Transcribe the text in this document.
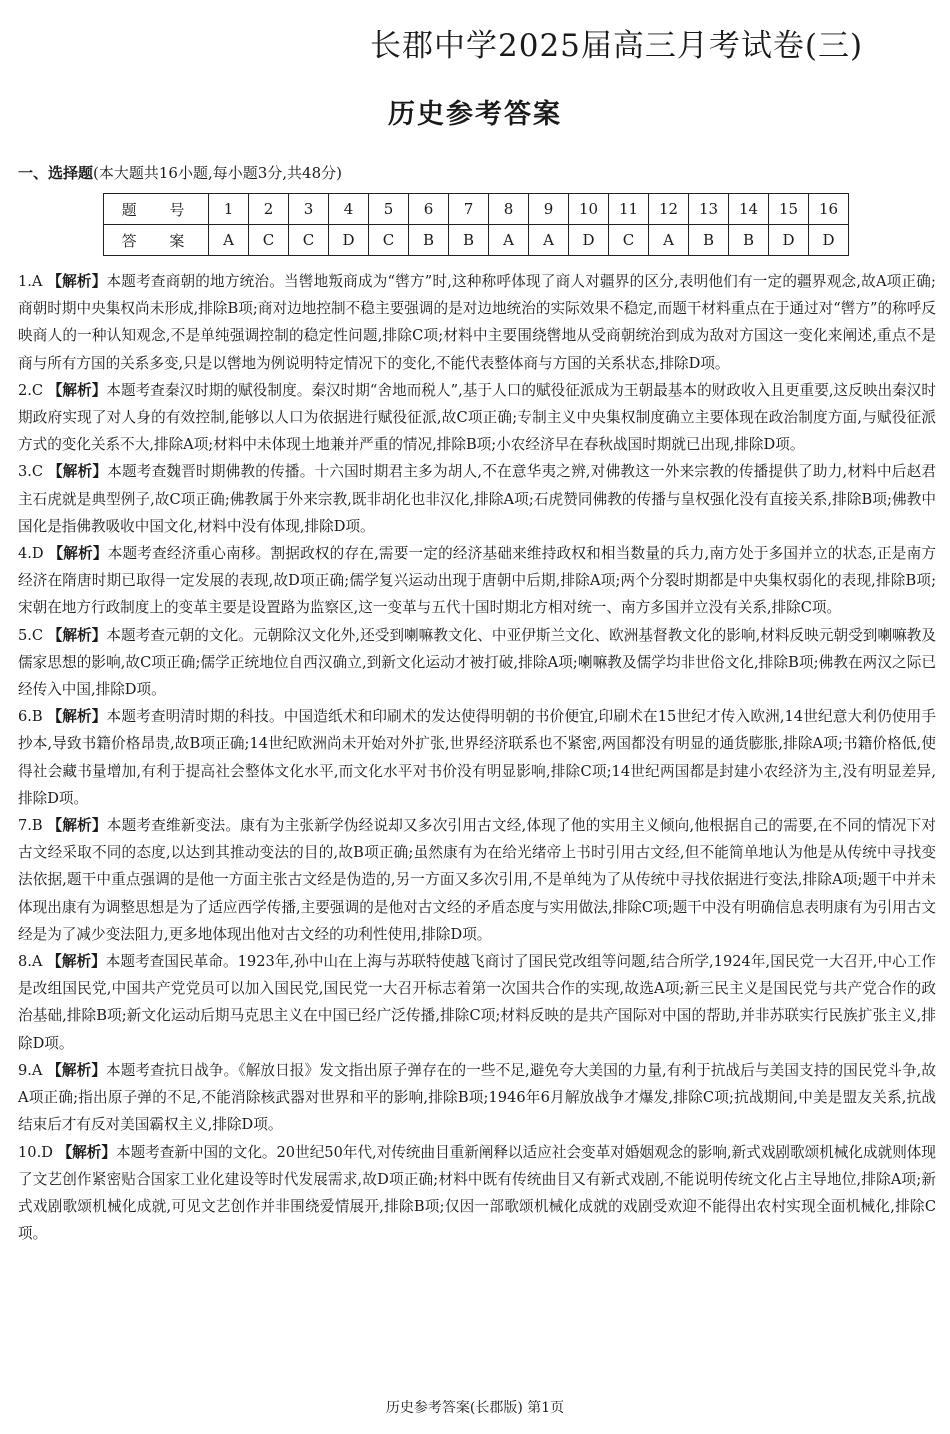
长郡中学2025届高三月考试卷(三)
历史参考答案
一、选择题(本大题共16小题,每小题3分,共48分)
题 号	1	2	3	4	5	6	7	8	9	10	11	12	13	14	15	16
答 案	A	C	C	D	C	B	B	A	A	D	C	A	B	B	D	D

1.A 【解析】本题考查商朝的地方统治。当辔地叛商成为“辔方”时,这种称呼体现了商人对疆界的区分,表明他们有一定的疆界观念,故A项正确;商朝时期中央集权尚未形成,排除B项;商对边地控制不稳主要强调的是对边地统治的实际效果不稳定,而题干材料重点在于通过对“辔方”的称呼反映商人的一种认知观念,不是单纯强调控制的稳定性问题,排除C项;材料中主要围绕辔地从受商朝统治到成为敌对方国这一变化来阐述,重点不是商与所有方国的关系多变,只是以辔地为例说明特定情况下的变化,不能代表整体商与方国的关系状态,排除D项。

2.C 【解析】本题考查秦汉时期的赋役制度。秦汉时期“舍地而税人”,基于人口的赋役征派成为王朝最基本的财政收入且更重要,这反映出秦汉时期政府实现了对人身的有效控制,能够以人口为依据进行赋役征派,故C项正确;专制主义中央集权制度确立主要体现在政治制度方面,与赋役征派方式的变化关系不大,排除A项;材料中未体现土地兼并严重的情况,排除B项;小农经济早在春秋战国时期就已出现,排除D项。

3.C 【解析】本题考查魏晋时期佛教的传播。十六国时期君主多为胡人,不在意华夷之辨,对佛教这一外来宗教的传播提供了助力,材料中后赵君主石虎就是典型例子,故C项正确;佛教属于外来宗教,既非胡化也非汉化,排除A项;石虎赞同佛教的传播与皇权强化没有直接关系,排除B项;佛教中国化是指佛教吸收中国文化,材料中没有体现,排除D项。

4.D 【解析】本题考查经济重心南移。割据政权的存在,需要一定的经济基础来维持政权和相当数量的兵力,南方处于多国并立的状态,正是南方经济在隋唐时期已取得一定发展的表现,故D项正确;儒学复兴运动出现于唐朝中后期,排除A项;两个分裂时期都是中央集权弱化的表现,排除B项;宋朝在地方行政制度上的变革主要是设置路为监察区,这一变革与五代十国时期北方相对统一、南方多国并立没有关系,排除C项。

5.C 【解析】本题考查元朝的文化。元朝除汉文化外,还受到喇嘛教文化、中亚伊斯兰文化、欧洲基督教文化的影响,材料反映元朝受到喇嘛教及儒家思想的影响,故C项正确;儒学正统地位自西汉确立,到新文化运动才被打破,排除A项;喇嘛教及儒学均非世俗文化,排除B项;佛教在两汉之际已经传入中国,排除D项。

6.B 【解析】本题考查明清时期的科技。中国造纸术和印刷术的发达使得明朝的书价便宜,印刷术在15世纪才传入欧洲,14世纪意大利仍使用手抄本,导致书籍价格昂贵,故B项正确;14世纪欧洲尚未开始对外扩张,世界经济联系也不紧密,两国都没有明显的通货膨胀,排除A项;书籍价格低,使得社会藏书量增加,有利于提高社会整体文化水平,而文化水平对书价没有明显影响,排除C项;14世纪两国都是封建小农经济为主,没有明显差异,排除D项。

7.B 【解析】本题考查维新变法。康有为主张新学伪经说却又多次引用古文经,体现了他的实用主义倾向,他根据自己的需要,在不同的情况下对古文经采取不同的态度,以达到其推动变法的目的,故B项正确;虽然康有为在给光绪帝上书时引用古文经,但不能简单地认为他是从传统中寻找变法依据,题干中重点强调的是他一方面主张古文经是伪造的,另一方面又多次引用,不是单纯为了从传统中寻找依据进行变法,排除A项;题干中并未体现出康有为调整思想是为了适应西学传播,主要强调的是他对古文经的矛盾态度与实用做法,排除C项;题干中没有明确信息表明康有为引用古文经是为了减少变法阻力,更多地体现出他对古文经的功利性使用,排除D项。

8.A 【解析】本题考查国民革命。1923年,孙中山在上海与苏联特使越飞商讨了国民党改组等问题,结合所学,1924年,国民党一大召开,中心工作是改组国民党,中国共产党党员可以加入国民党,国民党一大召开标志着第一次国共合作的实现,故选A项;新三民主义是国民党与共产党合作的政治基础,排除B项;新文化运动后期马克思主义在中国已经广泛传播,排除C项;材料反映的是共产国际对中国的帮助,并非苏联实行民族扩张主义,排除D项。

9.A 【解析】本题考查抗日战争。《解放日报》发文指出原子弹存在的一些不足,避免夸大美国的力量,有利于抗战后与美国支持的国民党斗争,故A项正确;指出原子弹的不足,不能消除核武器对世界和平的影响,排除B项;1946年6月解放战争才爆发,排除C项;抗战期间,中美是盟友关系,抗战结束后才有反对美国霸权主义,排除D项。

10.D 【解析】本题考查新中国的文化。20世纪50年代,对传统曲目重新阐释以适应社会变革对婚姻观念的影响,新式戏剧歌颂机械化成就则体现了文艺创作紧密贴合国家工业化建设等时代发展需求,故D项正确;材料中既有传统曲目又有新式戏剧,不能说明传统文化占主导地位,排除A项;新式戏剧歌颂机械化成就,可见文艺创作并非围绕爱情展开,排除B项;仅因一部歌颂机械化成就的戏剧受欢迎不能得出农村实现全面机械化,排除C项。

历史参考答案(长郡版) 第1页
